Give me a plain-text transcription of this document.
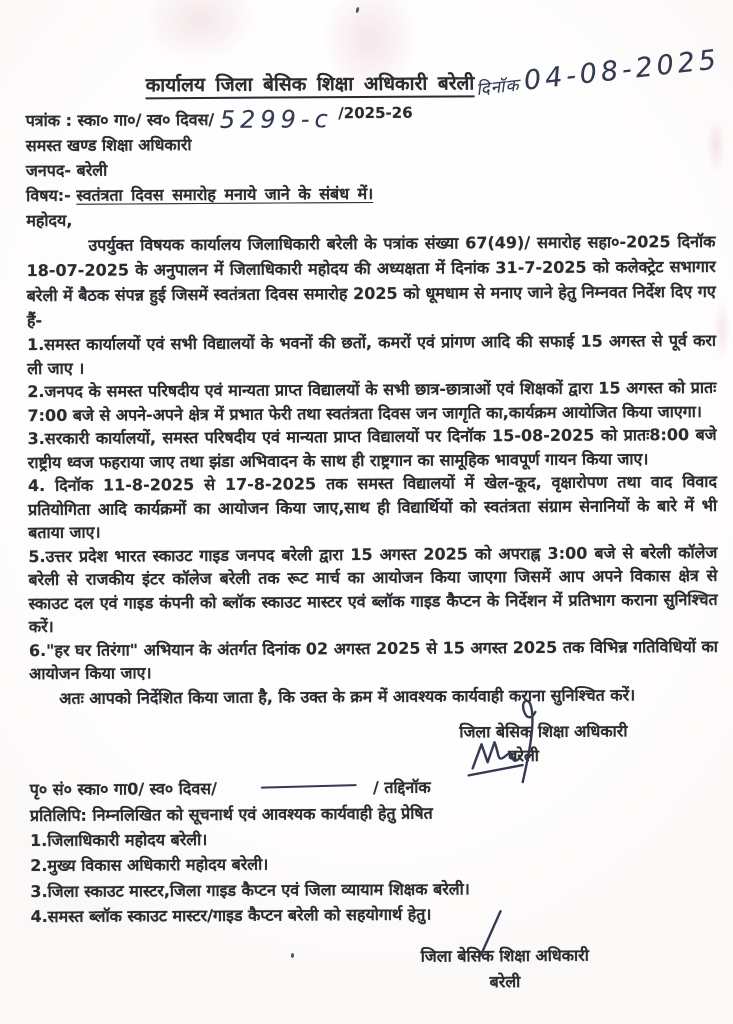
कार्यालय जिला बेसिक शिक्षा अधिकारी बरेली दिनॉक 04-08-2025
पत्रांक : स्का० गा०/ स्व० दिवस/ 5299-c /2025-26
समस्त खण्ड शिक्षा अधिकारी
जनपद- बरेली
विषय:- स्वतंत्रता दिवस समारोह मनाये जाने के संबंध में।
महोदय,

उपर्युक्त विषयक कार्यालय जिलाधिकारी बरेली के पत्रांक संख्या 67(49)/ समारोह सहा०-2025 दिनॉक 18-07-2025 के अनुपालन में जिलाधिकारी महोदय की अध्यक्षता में दिनांक 31-7-2025 को कलेक्ट्रेट सभागार बरेली में बैठक संपन्न हुई जिसमें स्वतंत्रता दिवस समारोह 2025 को धूमधाम से मनाए जाने हेतु निम्नवत निर्देश दिए गए हैं-

1.समस्त कार्यालयों एवं सभी विद्यालयों के भवनों की छतों, कमरों एवं प्रांगण आदि की सफाई 15 अगस्त से पूर्व करा ली जाए ।

2.जनपद के समस्त परिषदीय एवं मान्यता प्राप्त विद्यालयों के सभी छात्र-छात्राओं एवं शिक्षकों द्वारा 15 अगस्त को प्रातः 7:00 बजे से अपने-अपने क्षेत्र में प्रभात फेरी तथा स्वतंत्रता दिवस जन जागृति का,कार्यक्रम आयोजित किया जाएगा।

3.सरकारी कार्यालयों, समस्त परिषदीय एवं मान्यता प्राप्त विद्यालयों पर दिनॉक 15-08-2025 को प्रातः8:00 बजे राष्ट्रीय ध्वज फहराया जाए तथा झंडा अभिवादन के साथ ही राष्ट्रगान का सामूहिक भावपूर्ण गायन किया जाए।

4. दिनॉक 11-8-2025 से 17-8-2025 तक समस्त विद्यालयों में खेल-कूद, वृक्षारोपण तथा वाद विवाद प्रतियोगिता आदि कार्यक्रमों का आयोजन किया जाए,साथ ही विद्यार्थियों को स्वतंत्रता संग्राम सेनानियों के बारे में भी बताया जाए।

5.उत्तर प्रदेश भारत स्काउट गाइड जनपद बरेली द्वारा 15 अगस्त 2025 को अपराह्न 3:00 बजे से बरेली कॉलेज बरेली से राजकीय इंटर कॉलेज बरेली तक रूट मार्च का आयोजन किया जाएगा जिसमें आप अपने विकास क्षेत्र से स्काउट दल एवं गाइड कंपनी को ब्लॉक स्काउट मास्टर एवं ब्लॉक गाइड कैप्टन के निर्देशन में प्रतिभाग कराना सुनिश्चित करें।

6."हर घर तिरंगा" अभियान के अंतर्गत दिनांक 02 अगस्त 2025 से 15 अगस्त 2025 तक विभिन्न गतिविधियों का आयोजन किया जाए।

अतः आपको निर्देशित किया जाता है, कि उक्त के क्रम में आवश्यक कार्यवाही कराना सुनिश्चित करें।

जिला बेसिक शिक्षा अधिकारी
बरेली
पृ० सं० स्का० गा0/ स्व० दिवस/	/ तद्दिनॉक
प्रतिलिपि: निम्नलिखित को सूचनार्थ एवं आवश्यक कार्यवाही हेतु प्रेषित
1.जिलाधिकारी महोदय बरेली।
2.मुख्य विकास अधिकारी महोदय बरेली।
3.जिला स्काउट मास्टर,जिला गाइड कैप्टन एवं जिला व्यायाम शिक्षक बरेली।
4.समस्त ब्लॉक स्काउट मास्टर/गाइड कैप्टन बरेली को सहयोगार्थ हेतु।
जिला बेसिक शिक्षा अधिकारी
बरेली
